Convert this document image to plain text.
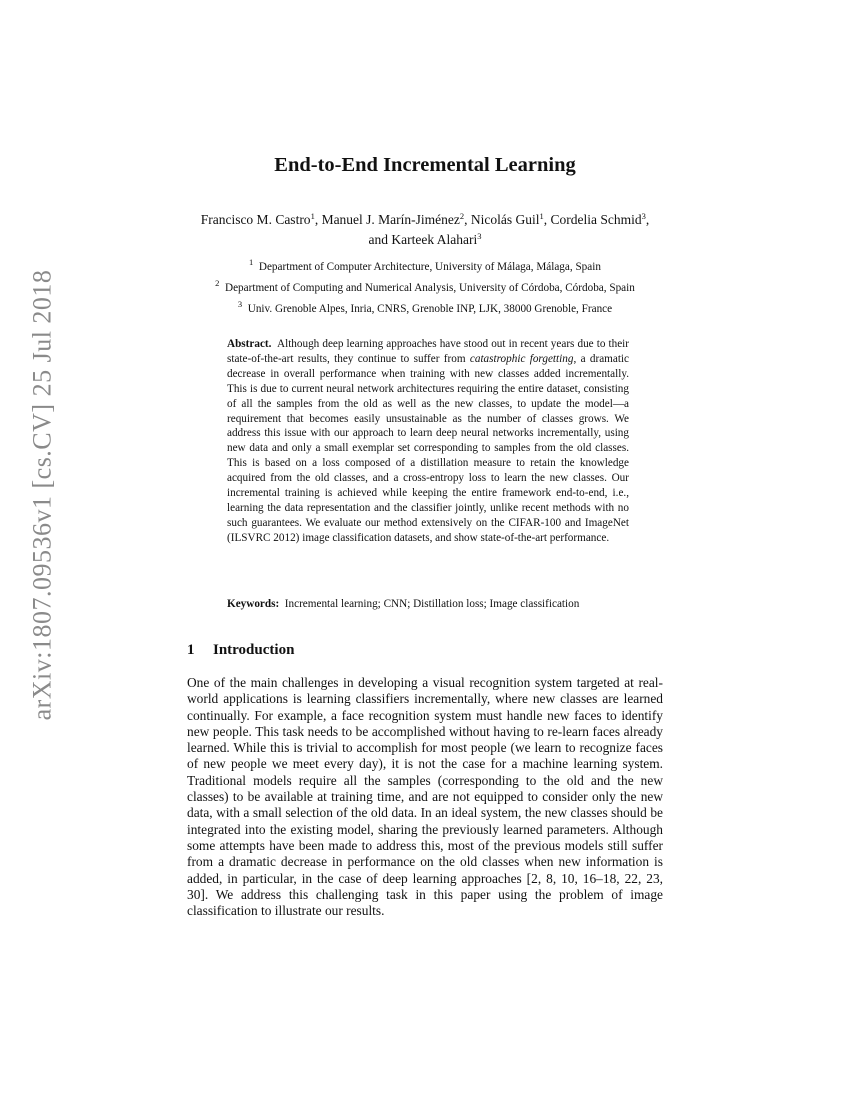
arXiv:1807.09536v1 [cs.CV] 25 Jul 2018
End-to-End Incremental Learning
Francisco M. Castro$^1$, Manuel J. Marín-Jiménez$^2$, Nicolás Guil$^1$, Cordelia Schmid$^3$,
and Karteek Alahari$^3$
$^1$ Department of Computer Architecture, University of Málaga, Málaga, Spain
$^2$ Department of Computing and Numerical Analysis, University of Córdoba, Córdoba, Spain
$^3$ Univ. Grenoble Alpes, Inria, CNRS, Grenoble INP, LJK, 38000 Grenoble, France
Abstract. Although deep learning approaches have stood out in recent years due to their state-of-the-art results, they continue to suffer from catastrophic forgetting, a dramatic decrease in overall performance when training with new classes added incrementally. This is due to current neural network architectures requiring the entire dataset, consisting of all the samples from the old as well as the new classes, to update the model—a requirement that becomes easily unsustainable as the number of classes grows. We address this issue with our approach to learn deep neural networks incrementally, using new data and only a small exemplar set corresponding to samples from the old classes. This is based on a loss composed of a distillation measure to retain the knowledge acquired from the old classes, and a cross-entropy loss to learn the new classes. Our incremental training is achieved while keeping the entire framework end-to-end, i.e., learning the data representation and the classifier jointly, unlike recent methods with no such guarantees. We evaluate our method extensively on the CIFAR-100 and ImageNet (ILSVRC 2012) image classification datasets, and show state-of-the-art performance.
Keywords: Incremental learning; CNN; Distillation loss; Image classification
1 Introduction
One of the main challenges in developing a visual recognition system targeted at real-world applications is learning classifiers incrementally, where new classes are learned continually. For example, a face recognition system must handle new faces to identify new people. This task needs to be accomplished without having to re-learn faces already learned. While this is trivial to accomplish for most people (we learn to recognize faces of new people we meet every day), it is not the case for a machine learning system. Traditional models require all the samples (corresponding to the old and the new classes) to be available at training time, and are not equipped to consider only the new data, with a small selection of the old data. In an ideal system, the new classes should be integrated into the existing model, sharing the previously learned parameters. Although some attempts have been made to address this, most of the previous models still suffer from a dramatic decrease in performance on the old classes when new information is added, in particular, in the case of deep learning approaches [2, 8, 10, 16–18, 22, 23, 30]. We address this challenging task in this paper using the problem of image classification to illustrate our results.
